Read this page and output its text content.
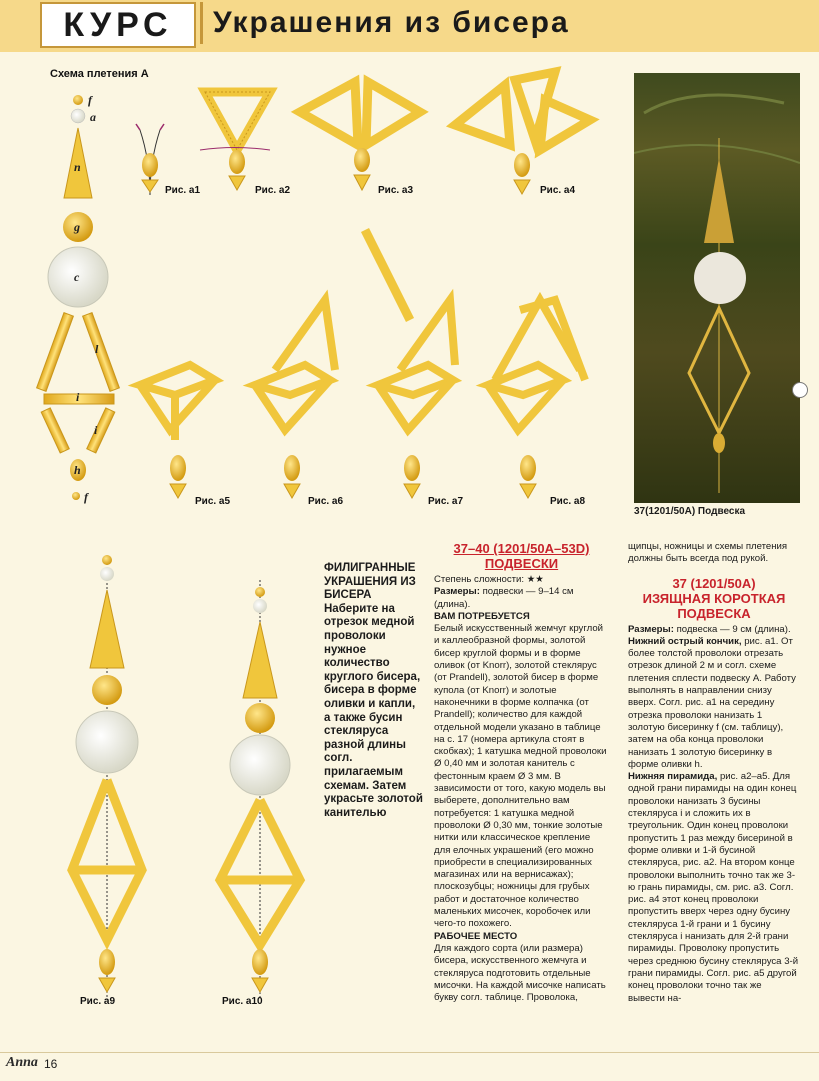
КУРС	Украшения из бисера
Схема плетения А
f
a
n
g
c
l
i
i
h
f
Рис. а1	Рис. а2	Рис. а3	Рис. а4
Рис. а5	Рис. а6	Рис. а7	Рис. а8
Рис. а9	Рис. а10
37(1201/50А) Подвеска
ФИЛИГРАННЫЕ УКРАШЕНИЯ ИЗ БИСЕРА
Наберите на отрезок медной проволоки нужное количество круглого бисера, бисера в форме оливки и капли, а также бусин стекляруса разной длины согл. прилагаемым схемам. Затем украсьте золотой канителью
37–40 (1201/50А–53D)
ПОДВЕСКИ

Степень сложности: ★★

Размеры: подвески — 9–14 см (длина).

ВАМ ПОТРЕБУЕТСЯ

Белый искусственный жемчуг круглой и каллеобразной формы, золотой бисер круглой формы и в форме оливок (от Knorr), золотой стеклярус (от Prandell), золотой бисер в форме купола (от Knorr) и золотые наконечники в форме колпачка (от Prandell); количество для каждой отдельной модели указано в таблице на с. 17 (номера артикула стоят в скобках); 1 катушка медной проволоки Ø 0,40 мм и золотая канитель с фестонным краем Ø 3 мм. В зависимости от того, какую модель вы выберете, дополнительно вам потребуется: 1 катушка медной проволоки Ø 0,30 мм, тонкие золотые нитки или классическое крепление для елочных украшений (его можно приобрести в специализированных магазинах или на вернисажах); плоскозубцы; ножницы для грубых работ и достаточное количество маленьких мисочек, коробочек или чего-то похожего.

РАБОЧЕЕ МЕСТО

Для каждого сорта (или размера) бисера, искусственного жемчуга и стекляруса подготовить отдельные мисочки. На каждой мисочке написать букву согл. таблице. Проволока,

щипцы, ножницы и схемы плетения должны быть всегда под рукой.

37 (1201/50А)
ИЗЯЩНАЯ КОРОТКАЯ ПОДВЕСКА

Размеры: подвеска — 9 см (длина).

Нижний острый кончик, рис. а1. От более толстой проволоки отрезать отрезок длиной 2 м и согл. схеме плетения сплести подвеску А. Работу выполнять в направлении снизу вверх. Согл. рис. а1 на середину отрезка проволоки нанизать 1 золотую бисеринку f (см. таблицу), затем на оба конца проволоки нанизать 1 золотую бисеринку в форме оливки h.

Нижняя пирамида, рис. а2–а5. Для одной грани пирамиды на один конец проволоки нанизать 3 бусины стекляруса i и сложить их в треугольник. Один конец проволоки пропустить 1 раз между бисериной в форме оливки и 1-й бусиной стекляруса, рис. а2. На втором конце проволоки выполнить точно так же 3-ю грань пирамиды, см. рис. а3. Согл. рис. а4 этот конец проволоки пропустить вверх через одну бусину стекляруса 1-й грани и 1 бусину стекляруса i нанизать для 2-й грани пирамиды. Проволоку пропустить через среднюю бусину стекляруса 3-й грани пирамиды. Согл. рис. а5 другой конец проволоки точно так же вывести на-

Anna 16
